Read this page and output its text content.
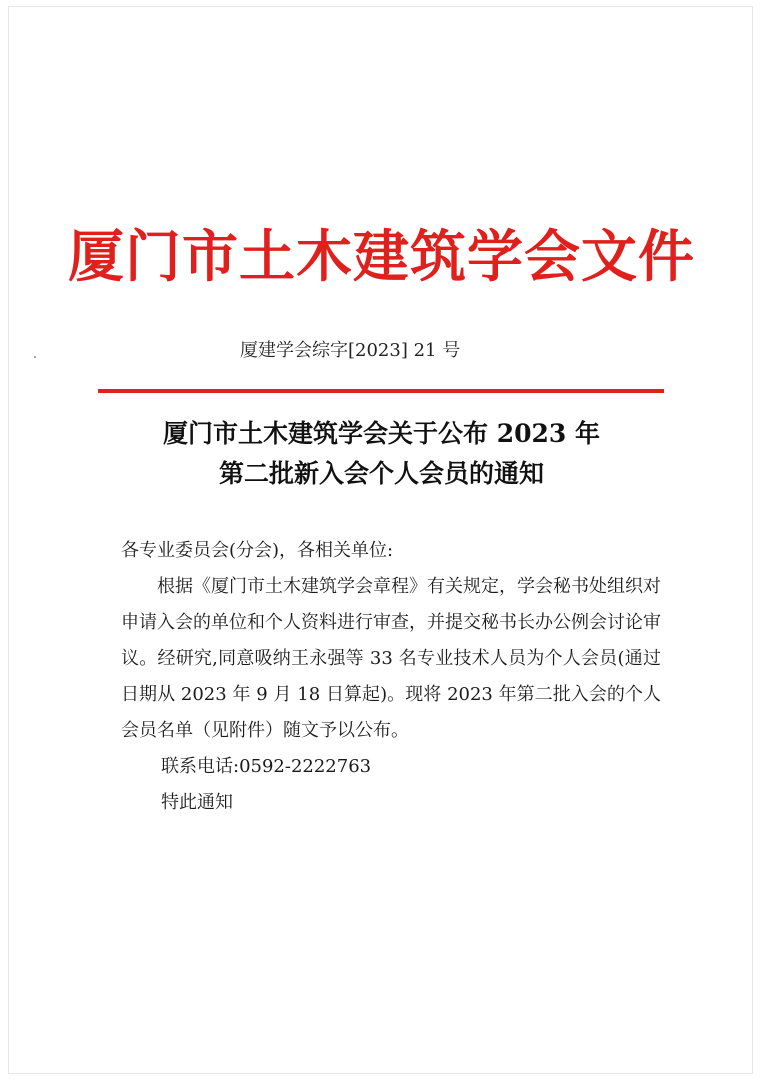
厦门市土木建筑学会文件
厦建学会综字[2023] 21 号
厦门市土木建筑学会关于公布 2023 年
第二批新入会个人会员的通知
各专业委员会(分会)，各相关单位:

根据《厦门市土木建筑学会章程》有关规定，学会秘书处组织对申请入会的单位和个人资料进行审查，并提交秘书长办公例会讨论审议。经研究,同意吸纳王永强等 33 名专业技术人员为个人会员(通过日期从 2023 年 9 月 18 日算起)。现将 2023 年第二批入会的个人会员名单（见附件）随文予以公布。

联系电话:0592-2222763
特此通知
